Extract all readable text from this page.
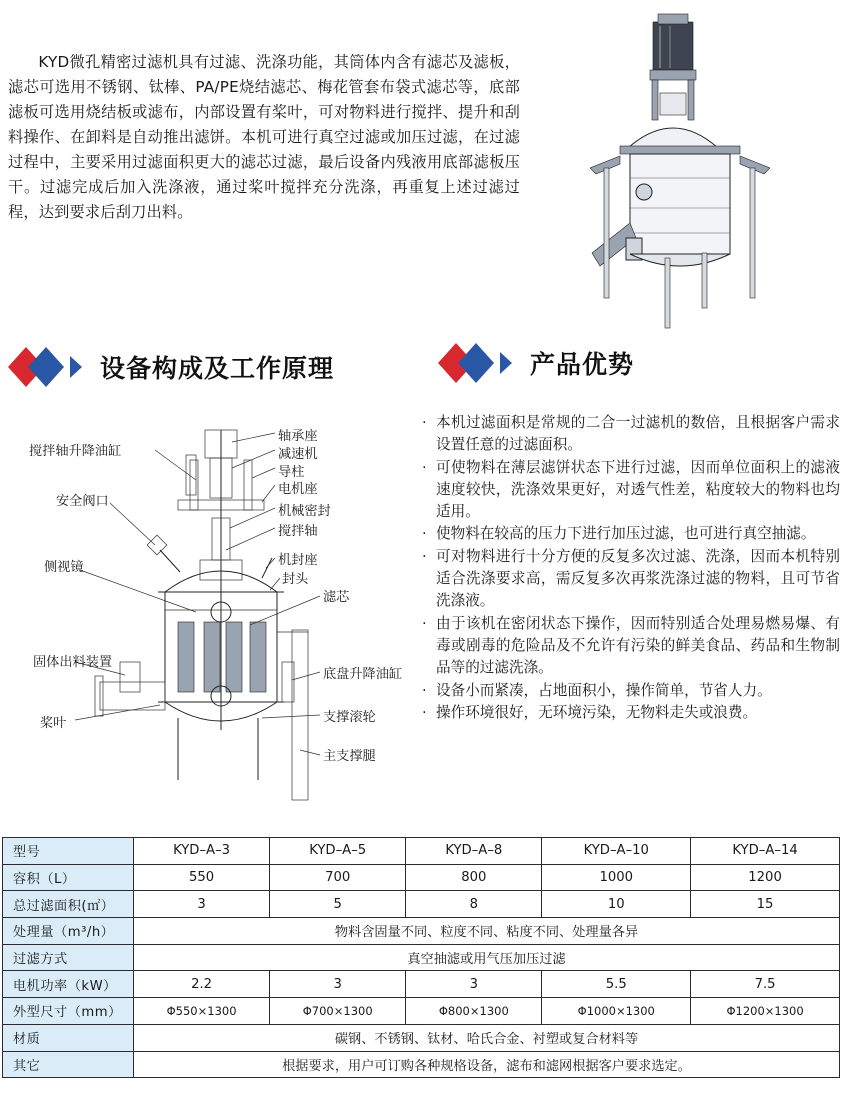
KYD微孔精密过滤机具有过滤、洗涤功能，其筒体内含有滤芯及滤板，滤芯可选用不锈钢、钛棒、PA/PE烧结滤芯、梅花管套布袋式滤芯等，底部滤板可选用烧结板或滤布，内部设置有桨叶，可对物料进行搅拌、提升和刮料操作、在卸料是自动推出滤饼。本机可进行真空过滤或加压过滤，在过滤过程中，主要采用过滤面积更大的滤芯过滤，最后设备内残液用底部滤板压干。过滤完成后加入洗涤液，通过桨叶搅拌充分洗涤，再重复上述过滤过程，达到要求后刮刀出料。

设备构成及工作原理	产品优势
搅拌轴升降油缸
安全阀口
侧视镜
固体出料装置
桨叶
轴承座
减速机
导柱
电机座
机械密封
搅拌轴
机封座
封头
滤芯
底盘升降油缸
支撑滚轮
主支撑腿
· 本机过滤面积是常规的二合一过滤机的数倍，且根据客户需求设置任意的过滤面积。
· 可使物料在薄层滤饼状态下进行过滤，因而单位面积上的滤液速度较快，洗涤效果更好，对透气性差，粘度较大的物料也均适用。
· 使物料在较高的压力下进行加压过滤，也可进行真空抽滤。
· 可对物料进行十分方便的反复多次过滤、洗涤，因而本机特别适合洗涤要求高，需反复多次再浆洗涤过滤的物料，且可节省洗涤液。
· 由于该机在密闭状态下操作，因而特别适合处理易燃易爆、有毒或剧毒的危险品及不允许有污染的鲜美食品、药品和生物制品等的过滤洗涤。
· 设备小而紧凑，占地面积小，操作简单，节省人力。
· 操作环境很好，无环境污染，无物料走失或浪费。
型号	KYD–A–3	KYD–A–5	KYD–A–8	KYD–A–10	KYD–A–14
容积（L）	550	700	800	1000	1200
总过滤面积(㎡）	3	5	8	10	15
处理量（m³/h）	物料含固量不同、粒度不同、粘度不同、处理量各异				
过滤方式	真空抽滤或用气压加压过滤				
电机功率（kW）	2.2	3	3	5.5	7.5
外型尺寸（mm）	Φ550×1300	Φ700×1300	Φ800×1300	Φ1000×1300	Φ1200×1300
材质	碳钢、不锈钢、钛材、哈氏合金、衬塑或复合材料等				
其它	根据要求，用户可订购各种规格设备，滤布和滤网根据客户要求选定。				
